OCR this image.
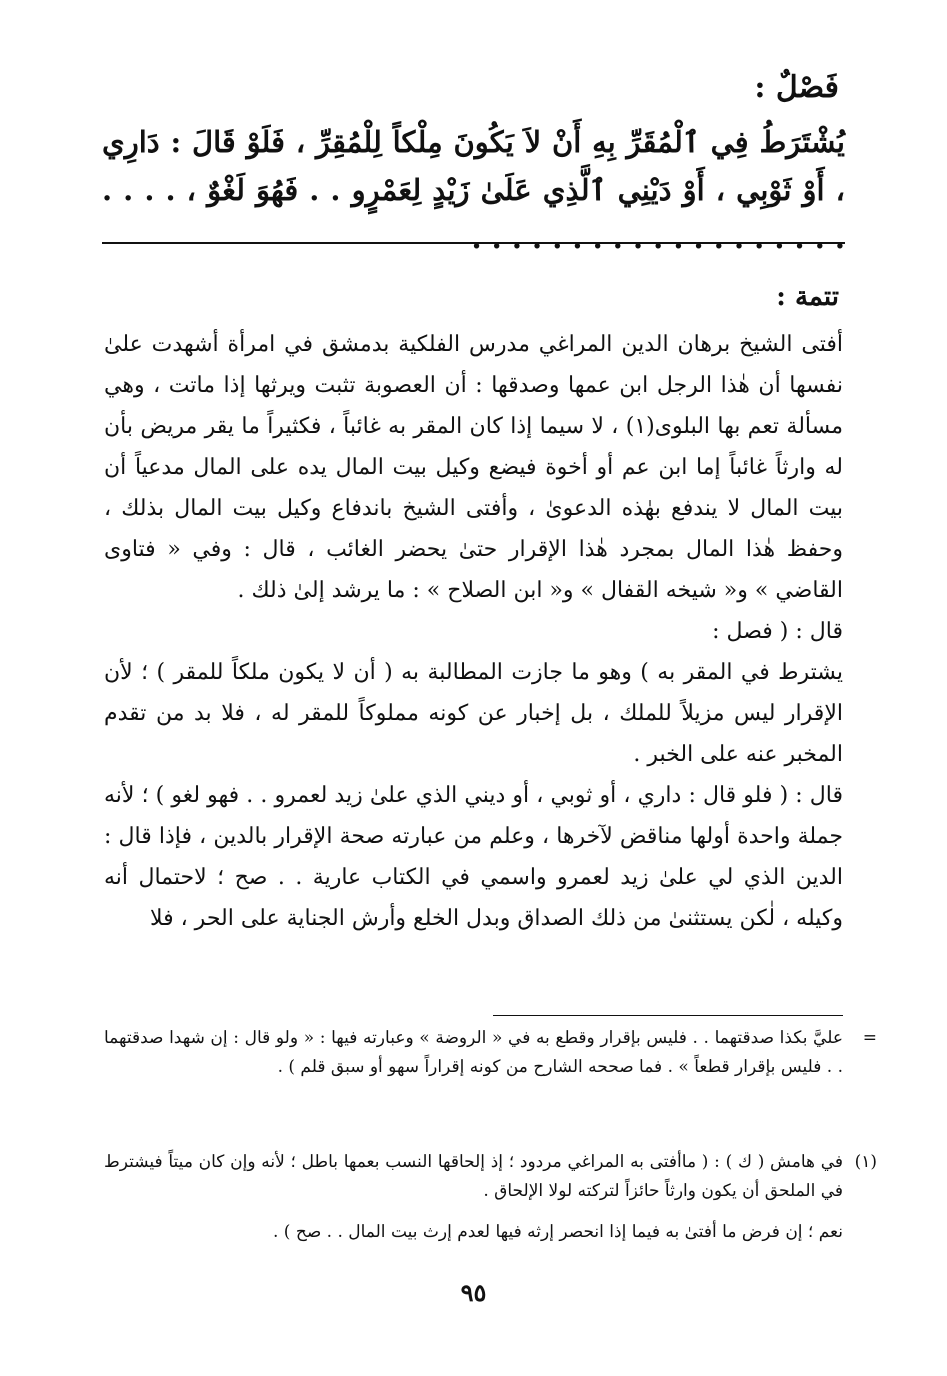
فَصْلٌ :
يُشْتَرَطُ فِي ٱلْمُقَرِّ بِهِ أَنْ لاَ يَكُونَ مِلْكاً لِلْمُقِرِّ ، فَلَوْ قَالَ : دَارِي ، أَوْ ثَوْبِي ، أَوْ دَيْنِي ٱلَّذِي عَلَىٰ زَيْدٍ لِعَمْرٍو . . فَهُوَ لَغْوٌ ، . . . . . . . . . . . . . . . . . . . . . . .
تتمة :

أفتى الشيخ برهان الدين المراغي مدرس الفلكية بدمشق في امرأة أشهدت علىٰ نفسها أن هٰذا الرجل ابن عمها وصدقها : أن العصوبة تثبت ويرثها إذا ماتت ، وهي مسألة تعم بها البلوى(١) ، لا سيما إذا كان المقر به غائباً ، فكثيراً ما يقر مريض بأن له وارثاً غائباً إما ابن عم أو أخوة فيضع وكيل بيت المال يده على المال مدعياً أن بيت المال لا يندفع بهٰذه الدعوىٰ ، وأفتى الشيخ باندفاع وكيل بيت المال بذلك ، وحفظ هٰذا المال بمجرد هٰذا الإقرار حتىٰ يحضر الغائب ، قال : وفي « فتاوى القاضي » و« شيخه القفال » و« ابن الصلاح » : ما يرشد إلىٰ ذلك .

قال : ( فصل :

يشترط في المقر به ) وهو ما جازت المطالبة به ( أن لا يكون ملكاً للمقر ) ؛ لأن الإقرار ليس مزيلاً للملك ، بل إخبار عن كونه مملوكاً للمقر له ، فلا بد من تقدم المخبر عنه على الخبر .

قال : ( فلو قال : داري ، أو ثوبي ، أو ديني الذي علىٰ زيد لعمرو . . فهو لغو ) ؛ لأنه جملة واحدة أولها مناقض لآخرها ، وعلم من عبارته صحة الإقرار بالدين ، فإذا قال : الدين الذي لي علىٰ زيد لعمرو واسمي في الكتاب عارية . . صح ؛ لاحتمال أنه وكيله ، لٰكن يستثنىٰ من ذلك الصداق وبدل الخلع وأرش الجناية على الحر ، فلا

=
عليَّ بكذا صدقتهما . . فليس بإقرار وقطع به في « الروضة » وعبارته فيها : « ولو قال : إن شهدا صدقتهما . . فليس بإقرار قطعاً » . فما صححه الشارح من كونه إقراراً سهو أو سبق قلم ) .
(١)
في هامش ( ك ) : ( ماأفتى به المراغي مردود ؛ إذ إلحاقها النسب بعمها باطل ؛ لأنه وإن كان ميتاً فيشترط في الملحق أن يكون وارثاً حائزاً لتركته لولا الإلحاق .
نعم ؛ إن فرض ما أفتىٰ به فيما إذا انحصر إرثه فيها لعدم إرث بيت المال . . صح ) .
٩٥
